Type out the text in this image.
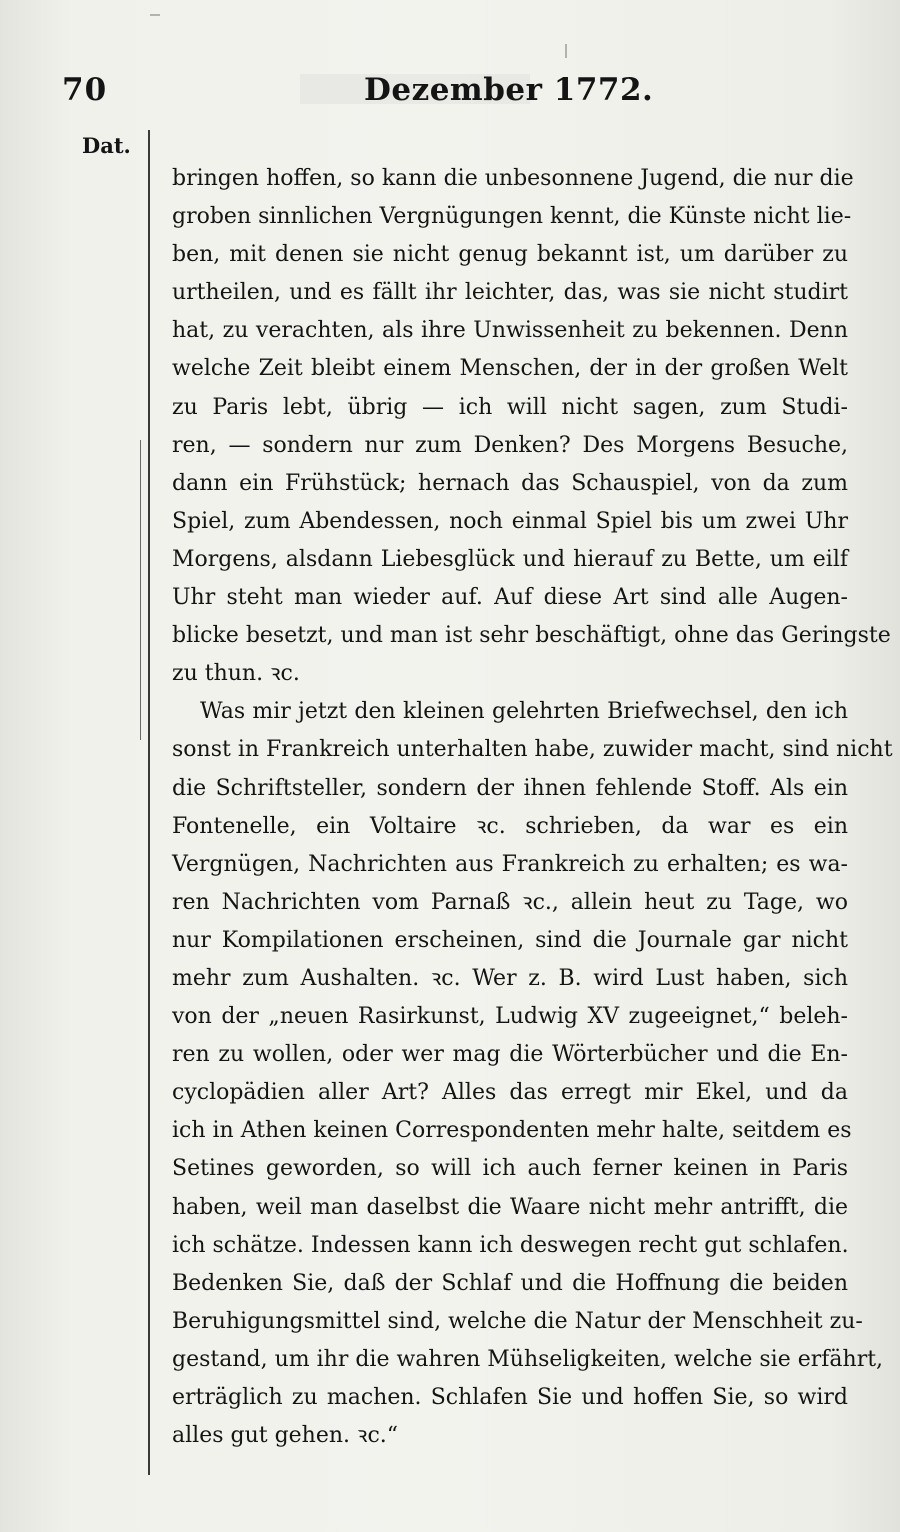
70	Dezember 1772.
Dat.
bringen hoffen, so kann die unbesonnene Jugend, die nur die
groben sinnlichen Vergnügungen kennt, die Künste nicht lie-
ben, mit denen sie nicht genug bekannt ist, um darüber zu
urtheilen, und es fällt ihr leichter, das, was sie nicht studirt
hat, zu verachten, als ihre Unwissenheit zu bekennen. Denn
welche Zeit bleibt einem Menschen, der in der großen Welt
zu Paris lebt, übrig — ich will nicht sagen, zum Studi-
ren, — sondern nur zum Denken? Des Morgens Besuche,
dann ein Frühstück; hernach das Schauspiel, von da zum
Spiel, zum Abendessen, noch einmal Spiel bis um zwei Uhr
Morgens, alsdann Liebesglück und hierauf zu Bette, um eilf
Uhr steht man wieder auf. Auf diese Art sind alle Augen-
blicke besetzt, und man ist sehr beschäftigt, ohne das Geringste
zu thun. ꝛc.
Was mir jetzt den kleinen gelehrten Briefwechsel, den ich
sonst in Frankreich unterhalten habe, zuwider macht, sind nicht
die Schriftsteller, sondern der ihnen fehlende Stoff. Als ein
Fontenelle, ein Voltaire ꝛc. schrieben, da war es ein
Vergnügen, Nachrichten aus Frankreich zu erhalten; es wa-
ren Nachrichten vom Parnaß ꝛc., allein heut zu Tage, wo
nur Kompilationen erscheinen, sind die Journale gar nicht
mehr zum Aushalten. ꝛc. Wer z. B. wird Lust haben, sich
von der „neuen Rasirkunst, Ludwig XV zugeeignet,“ beleh-
ren zu wollen, oder wer mag die Wörterbücher und die En-
cyclopädien aller Art? Alles das erregt mir Ekel, und da
ich in Athen keinen Correspondenten mehr halte, seitdem es
Setines geworden, so will ich auch ferner keinen in Paris
haben, weil man daselbst die Waare nicht mehr antrifft, die
ich schätze. Indessen kann ich deswegen recht gut schlafen.
Bedenken Sie, daß der Schlaf und die Hoffnung die beiden
Beruhigungsmittel sind, welche die Natur der Menschheit zu-
gestand, um ihr die wahren Mühseligkeiten, welche sie erfährt,
erträglich zu machen. Schlafen Sie und hoffen Sie, so wird
alles gut gehen. ꝛc.“
